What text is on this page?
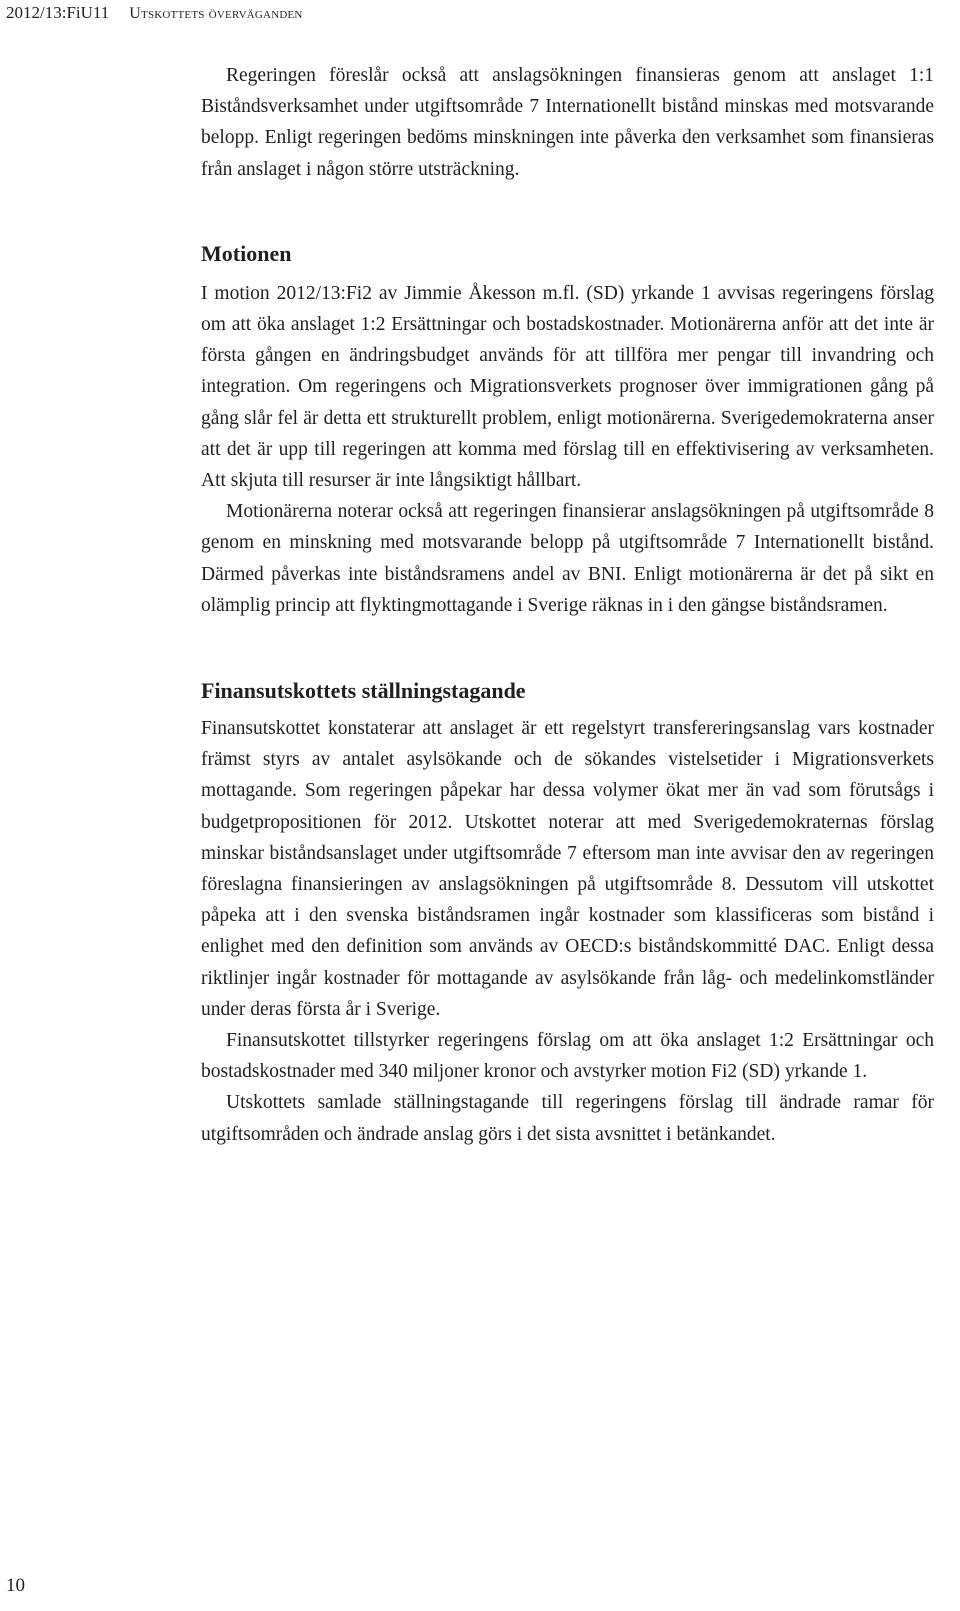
2012/13:FiU11 Utskottets överväganden

Regeringen föreslår också att anslagsökningen finansieras genom att anslaget 1:1 Biståndsverksamhet under utgiftsområde 7 Internationellt bistånd minskas med motsvarande belopp. Enligt regeringen bedöms minskningen inte påverka den verksamhet som finansieras från anslaget i någon större utsträckning.

Motionen

I motion 2012/13:Fi2 av Jimmie Åkesson m.fl. (SD) yrkande 1 avvisas regeringens förslag om att öka anslaget 1:2 Ersättningar och bostadskostnader. Motionärerna anför att det inte är första gången en ändringsbudget används för att tillföra mer pengar till invandring och integration. Om regeringens och Migrationsverkets prognoser över immigrationen gång på gång slår fel är detta ett strukturellt problem, enligt motionärerna. Sverigedemokraterna anser att det är upp till regeringen att komma med förslag till en effektivisering av verksamheten. Att skjuta till resurser är inte långsiktigt hållbart.

Motionärerna noterar också att regeringen finansierar anslagsökningen på utgiftsområde 8 genom en minskning med motsvarande belopp på utgiftsområde 7 Internationellt bistånd. Därmed påverkas inte biståndsramens andel av BNI. Enligt motionärerna är det på sikt en olämplig princip att flyktingmottagande i Sverige räknas in i den gängse biståndsramen.

Finansutskottets ställningstagande

Finansutskottet konstaterar att anslaget är ett regelstyrt transfereringsanslag vars kostnader främst styrs av antalet asylsökande och de sökandes vistelsetider i Migrationsverkets mottagande. Som regeringen påpekar har dessa volymer ökat mer än vad som förutsågs i budgetpropositionen för 2012. Utskottet noterar att med Sverigedemokraternas förslag minskar biståndsanslaget under utgiftsområde 7 eftersom man inte avvisar den av regeringen föreslagna finansieringen av anslagsökningen på utgiftsområde 8. Dessutom vill utskottet påpeka att i den svenska biståndsramen ingår kostnader som klassificeras som bistånd i enlighet med den definition som används av OECD:s biståndskommitté DAC. Enligt dessa riktlinjer ingår kostnader för mottagande av asylsökande från låg- och medelinkomstländer under deras första år i Sverige.

Finansutskottet tillstyrker regeringens förslag om att öka anslaget 1:2 Ersättningar och bostadskostnader med 340 miljoner kronor och avstyrker motion Fi2 (SD) yrkande 1.

Utskottets samlade ställningstagande till regeringens förslag till ändrade ramar för utgiftsområden och ändrade anslag görs i det sista avsnittet i betänkandet.

10
